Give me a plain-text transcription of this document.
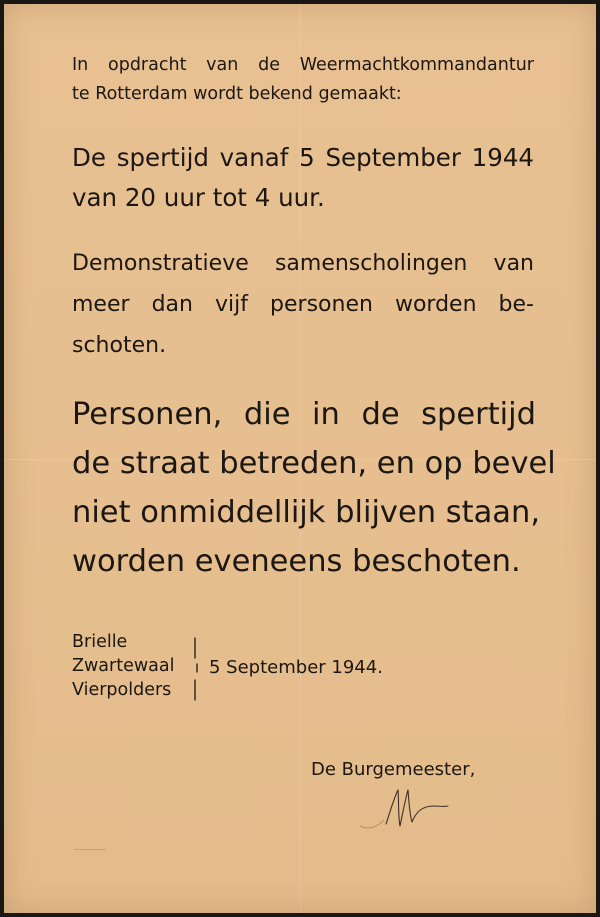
In opdracht van de Weermachtkommandantur
te Rotterdam wordt bekend gemaakt:
De spertijd vanaf 5 September 1944
van 20 uur tot 4 uur.
Demonstratieve samenscholingen van
meer dan vijf personen worden be-
schoten.
Personen, die in de spertijd
de straat betreden, en op bevel
niet onmiddellijk blijven staan,
worden eveneens beschoten.
Brielle
Zwartewaal
Vierpolders
5 September 1944.
De Burgemeester,
⎯⎯⎯⎯⎯⎯⎯⎯⎯⎯⎯⎯⎯⎯⎯⎯⎯⎯
